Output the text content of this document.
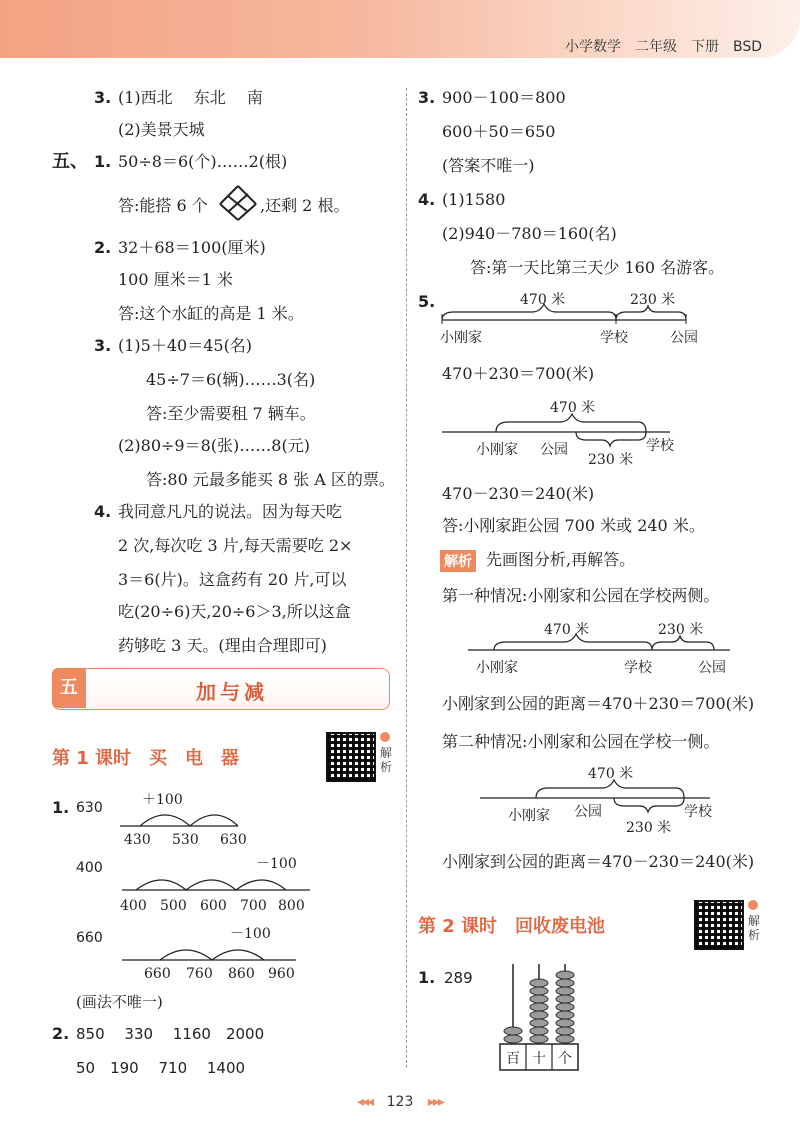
小学数学　二年级　下册　BSD
3. (1)西北　 东北 　南
(2)美景天城
五、 1. 50÷8＝6(个)……2(根)
答:能搭 6 个	,还剩 2 根。
2. 32＋68＝100(厘米)
100 厘米＝1 米
答:这个水缸的高是 1 米。
3. (1)5＋40＝45(名)
45÷7＝6(辆)……3(名)
答:至少需要租 7 辆车。
(2)80÷9＝8(张)……8(元)
答:80 元最多能买 8 张 A 区的票。
4. 我同意凡凡的说法。因为每天吃
2 次,每次吃 3 片,每天需要吃 2×
3＝6(片)。这盒药有 20 片,可以
吃(20÷6)天,20÷6＞3,所以这盒
药够吃 3 天。(理由合理即可)
五	加与减
第 1 课时　买　电　器	解析
1. 630	＋100
430 530 630
400	－100
400 500 600 700 800
660	－100
660 760 860 960
(画法不唯一)
2. 850　 330　 1160　2000
50　190　 710　 1400
3. 900－100＝800
600＋50＝650
(答案不唯一)
4. (1)1580
(2)940－780＝160(名)
答:第一天比第三天少 160 名游客。
5.	470 米	230 米
小刚家	学校	公园
470＋230＝700(米)
470 米
小刚家 公园
230 米
学校
470－230＝240(米)
答:小刚家距公园 700 米或 240 米。
解析 先画图分析,再解答。
第一种情况:小刚家和公园在学校两侧。
470 米	230 米
小刚家	学校	公园
小刚家到公园的距离＝470＋230＝700(米)
第二种情况:小刚家和公园在学校一侧。
470 米
小刚家 公园
230 米
学校
小刚家到公园的距离＝470－230＝240(米)
第 2 课时　回收废电池	解析
1. 289
百 十 个
◂◂◂ 123 ▸▸▸
